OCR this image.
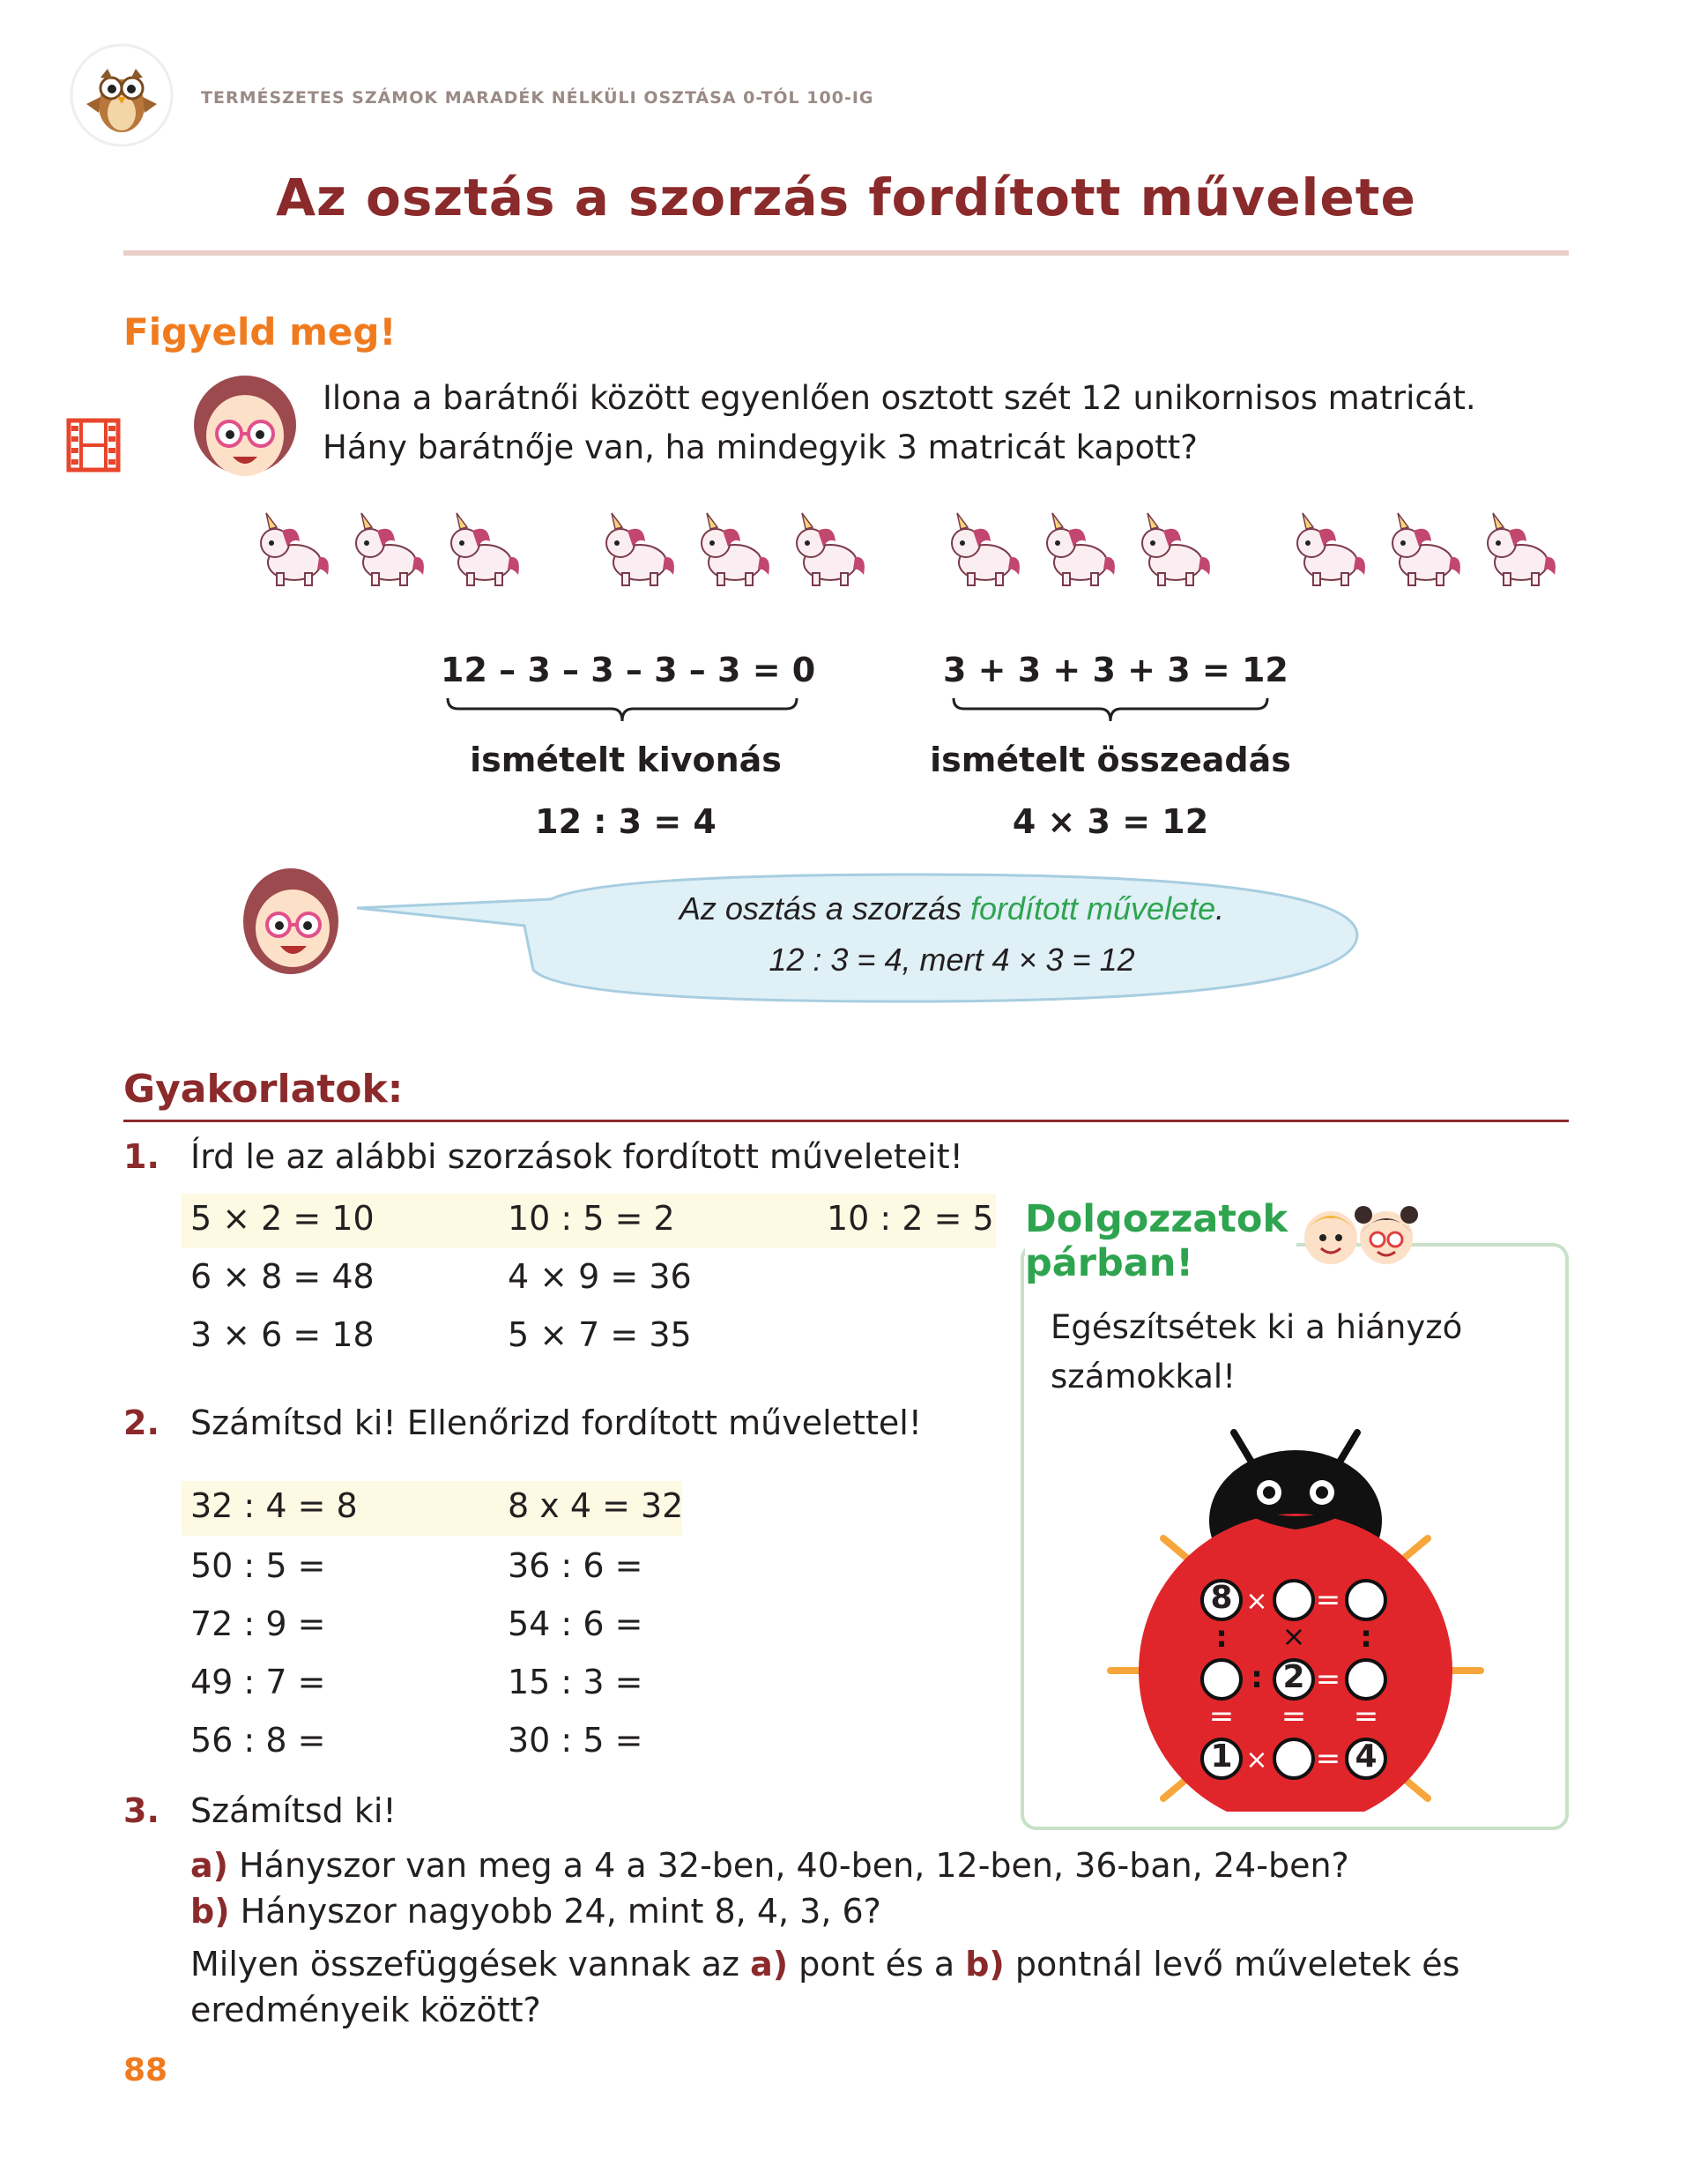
TERMÉSZETES SZÁMOK MARADÉK NÉLKÜLI OSZTÁSA 0-TÓL 100-IG
Az osztás a szorzás fordított művelete
Figyeld meg!
Ilona a barátnői között egyenlően osztott szét 12 unikornisos matricát.
Hány barátnője van, ha mindegyik 3 matricát kapott?
12 – 3 – 3 – 3 – 3 = 0
ismételt kivonás
12 : 3 = 4
3 + 3 + 3 + 3 = 12
ismételt összeadás
4 × 3 = 12
Az osztás a szorzás fordított művelete.
12 : 3 = 4, mert 4 × 3 = 12
Gyakorlatok:
1. Írd le az alábbi szorzások fordított műveleteit!
5 × 2 = 10	10 : 5 = 2	10 : 2 = 5
6 × 8 = 48	4 × 9 = 36
3 × 6 = 18	5 × 7 = 35
2. Számítsd ki! Ellenőrizd fordított művelettel!
32 : 4 = 8	8 x 4 = 32
50 : 5 =	36 : 6 =
72 : 9 =	54 : 6 =
49 : 7 =	15 : 3 =
56 : 8 =	30 : 5 =
3. Számítsd ki!
a) Hányszor van meg a 4 a 32-ben, 40-ben, 12-ben, 36-ban, 24-ben?
b) Hányszor nagyobb 24, mint 8, 4, 3, 6?
Milyen összefüggések vannak az a) pont és a b) pontnál levő műveletek és
eredményeik között?
Dolgozzatok
párban!
Egészítsétek ki a hiányzó
számokkal!
8 × =
:	×	:
: 2 =
= = =
1 × = 4
88
